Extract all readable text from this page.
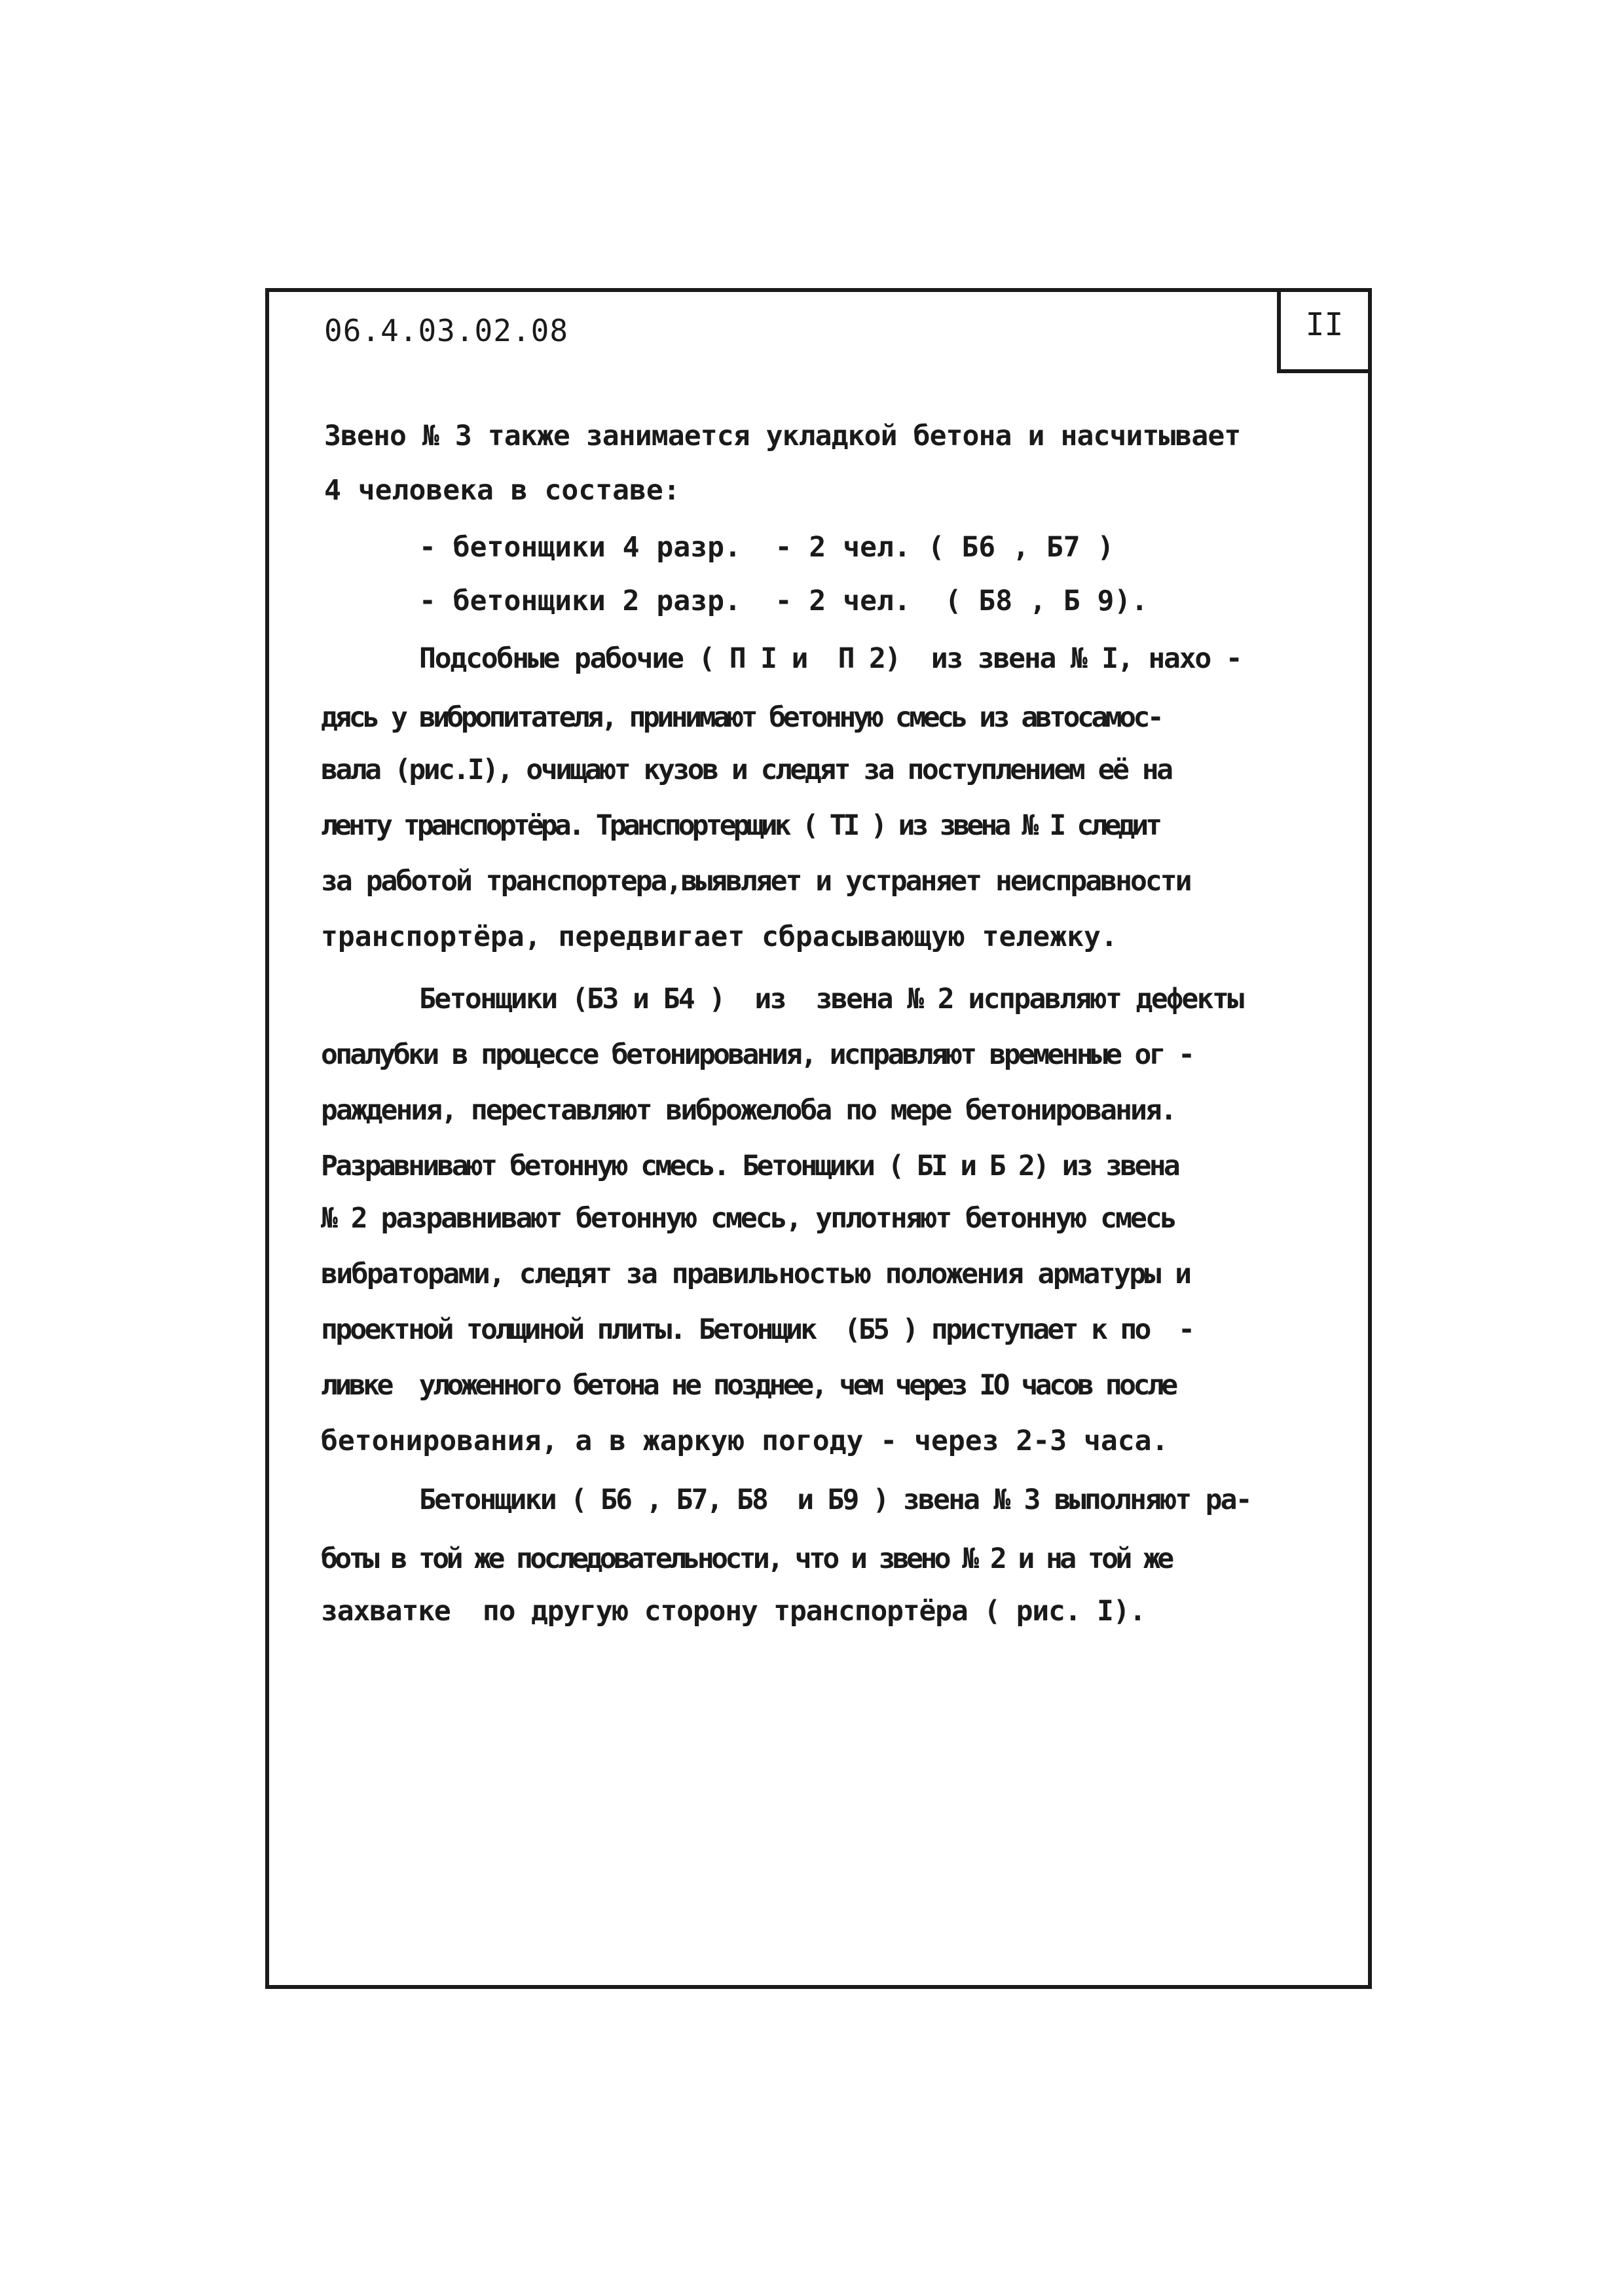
II
06.4.03.02.08
Звено № 3 также занимается укладкой бетона и насчитывает
4 человека в составе:
- бетонщики 4 разр.  - 2 чел. ( Б6 , Б7 )
- бетонщики 2 разр.  - 2 чел.  ( Б8 , Б 9).
Подсобные рабочие ( П I и  П 2)  из звена № I, нахо -
дясь у вибропитателя, принимают бетонную смесь из автосамос-
вала (рис.I), очищают кузов и следят за поступлением её на
ленту транспортёра. Транспортерщик ( ТI ) из звена № I следит
за работой транспортера,выявляет и устраняет неисправности
транспортёра, передвигает сбрасывающую тележку.
Бетонщики (Б3 и Б4 )  из  звена № 2 исправляют дефекты
опалубки в процессе бетонирования, исправляют временные ог -
раждения, переставляют виброжелоба по мере бетонирования.
Разравнивают бетонную смесь. Бетонщики ( БI и Б 2) из звена
№ 2 разравнивают бетонную смесь, уплотняют бетонную смесь
вибраторами, следят за правильностью положения арматуры и
проектной толщиной плиты. Бетонщик  (Б5 ) приступает к по  -
ливке  уложенного бетона не позднее, чем через IO часов после
бетонирования, а в жаркую погоду - через 2-3 часа.
Бетонщики ( Б6 , Б7, Б8  и Б9 ) звена № 3 выполняют ра-
боты в той же последовательности, что и звено № 2 и на той же
захватке  по другую сторону транспортёра ( рис. I).
